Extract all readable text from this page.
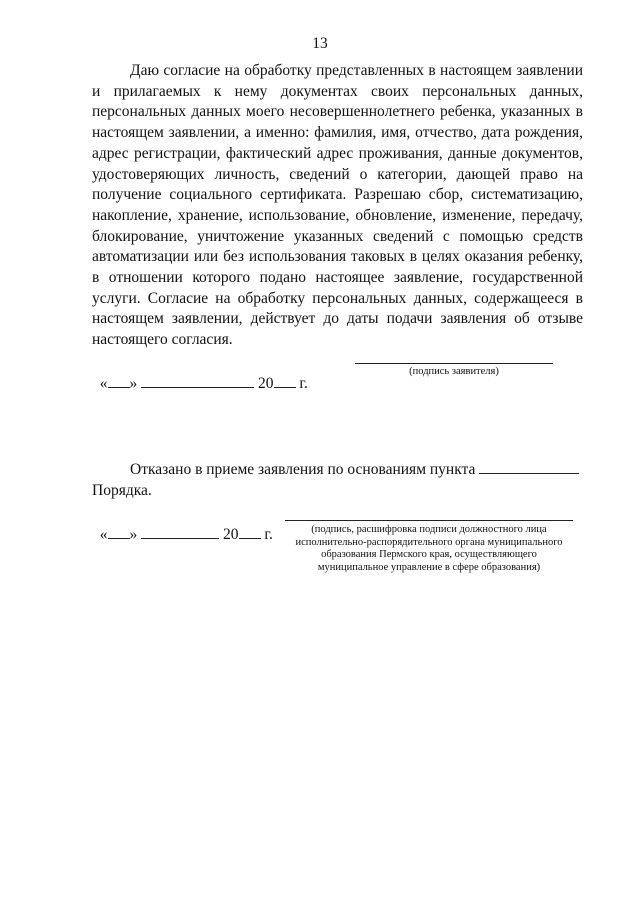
13

Даю согласие на обработку представленных в настоящем заявлении и прилагаемых к нему документах своих персональных данных, персональных данных моего несовершеннолетнего ребенка, указанных в настоящем заявлении, а именно: фамилия, имя, отчество, дата рождения, адрес регистрации, фактический адрес проживания, данные документов, удостоверяющих личность, сведений о категории, дающей право на получение социального сертификата. Разрешаю сбор, систематизацию, накопление, хранение, использование, обновление, изменение, передачу, блокирование, уничтожение указанных сведений с помощью средств автоматизации или без использования таковых в целях оказания ребенку, в отношении которого подано настоящее заявление, государственной услуги. Согласие на обработку персональных данных, содержащееся в настоящем заявлении, действует до даты подачи заявления об отзыве настоящего согласия.

« »	20 г.

(подпись заявителя)

Отказано в приеме заявления по основаниям пункта
Порядка.

« »	20 г.	(подпись, расшифровка подписи должностного лица
исполнительно-распорядительного органа муниципального
образования Пермского края, осуществляющего
муниципальное управление в сфере образования)
